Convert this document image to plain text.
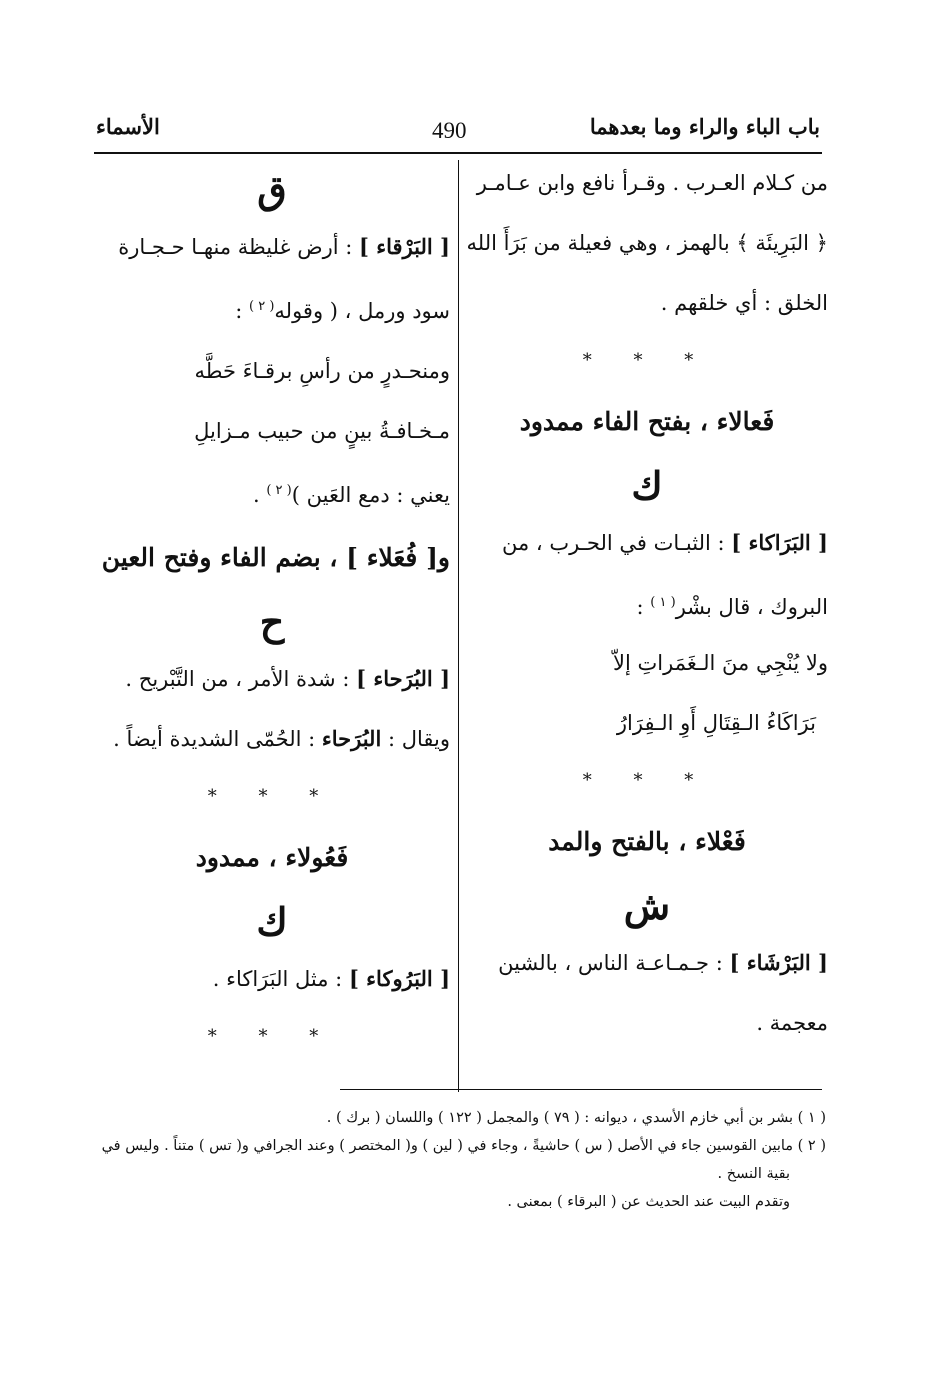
باب الباء والراء وما بعدهما
490
الأسماء
من كـلام العـرب . وقـرأ نافع وابن عـامـر
﴿ البَرِيئَة ﴾ بالهمز ، وهي فعيلة من بَرَأَ الله
الخلق : أي خلقهم .
* * *
فَعالاء ، بفتح الفاء ممدود
ك
[ البَرَاكاء ] : الثبـات في الحـرب ، من
البروك ، قال بشْر$^{( ١ )}$ :
ولا يُنْجِي منَ الـغَمَراتِ إلاّ
بَرَاكَاءُ الـقِتَالِ أَوِ الـفِرَارُ
* * *
فَعْلاء ، بالفتح والمد
ش
[ البَرْشَاء ] : جـمـاعـة الناس ، بالشين
معجمة .
ق
[ البَرْقاء ] : أرض غليظة منهـا حـجـارة
سود ورمل ، ( وقوله$^{( ٢ )}$ :
ومنحـدرٍ من رأسِ برقـاءَ حَطَّه
مـخـافـةُ بينٍ من حبيب مـزايلِ
يعني : دمع العَين )$^{( ٢ )}$ .
و[ فُعَلاء ] ، بضم الفاء وفتح العين
ح
[ البُرَحاء ] : شدة الأمر ، من التَّبْريح .
ويقال : البُرَحاء : الحُمّى الشديدة أيضاً .
* * *
فَعُولاء ، ممدود
ك
[ البَرُوكاء ] : مثل البَرَاكاء .
* * *
( ١ ) بشر بن أبي خازم الأسدي ، ديوانه : ( ٧٩ ) والمجمل ( ١٢٢ ) واللسان ( برك ) .
( ٢ ) مابين القوسين جاء في الأصل ( س ) حاشيةً ، وجاء في ( لين ) و( المختصر ) وعند الجرافي و( تس ) متناً . وليس في
بقية النسخ .
وتقدم البيت عند الحديث عن ( البرقاء ) بمعنى .
